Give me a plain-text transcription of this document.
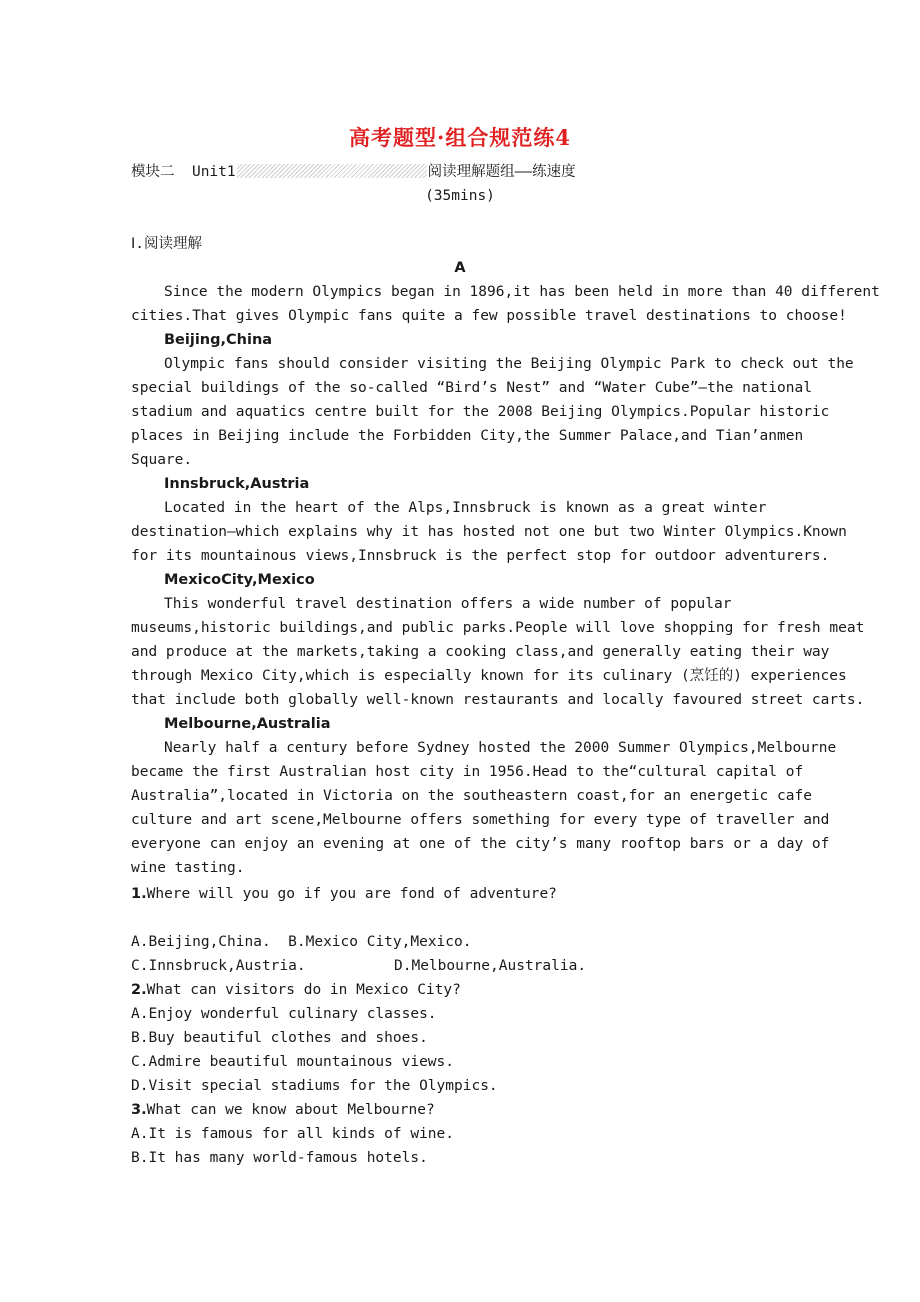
高考题型·组合规范练4
模块二 Unit1	阅读理解题组——练速度
(35mins)
Ⅰ.阅读理解
A
Since the modern Olympics began in 1896,it has been held in more than 40 different
cities.That gives Olympic fans quite a few possible travel destinations to choose!
Beijing,China
Olympic fans should consider visiting the Beijing Olympic Park to check out the
special buildings of the so-called “Bird’s Nest” and “Water Cube”—the national
stadium and aquatics centre built for the 2008 Beijing Olympics.Popular historic
places in Beijing include the Forbidden City,the Summer Palace,and Tian’anmen
Square.
Innsbruck,Austria
Located in the heart of the Alps,Innsbruck is known as a great winter
destination—which explains why it has hosted not one but two Winter Olympics.Known
for its mountainous views,Innsbruck is the perfect stop for outdoor adventurers.
MexicoCity,Mexico
This wonderful travel destination offers a wide number of popular
museums,historic buildings,and public parks.People will love shopping for fresh meat
and produce at the markets,taking a cooking class,and generally eating their way
through Mexico City,which is especially known for its culinary (烹饪的) experiences
that include both globally well-known restaurants and locally favoured street carts.
Melbourne,Australia
Nearly half a century before Sydney hosted the 2000 Summer Olympics,Melbourne
became the first Australian host city in 1956.Head to the“cultural capital of
Australia”,located in Victoria on the southeastern coast,for an energetic cafe
culture and art scene,Melbourne offers something for every type of traveller and
everyone can enjoy an evening at one of the city’s many rooftop bars or a day of
wine tasting.
1.Where will you go if you are fond of adventure?
A.Beijing,China. B.Mexico City,Mexico.
C.Innsbruck,Austria.	D.Melbourne,Australia.
2.What can visitors do in Mexico City?
A.Enjoy wonderful culinary classes.
B.Buy beautiful clothes and shoes.
C.Admire beautiful mountainous views.
D.Visit special stadiums for the Olympics.
3.What can we know about Melbourne?
A.It is famous for all kinds of wine.
B.It has many world-famous hotels.
